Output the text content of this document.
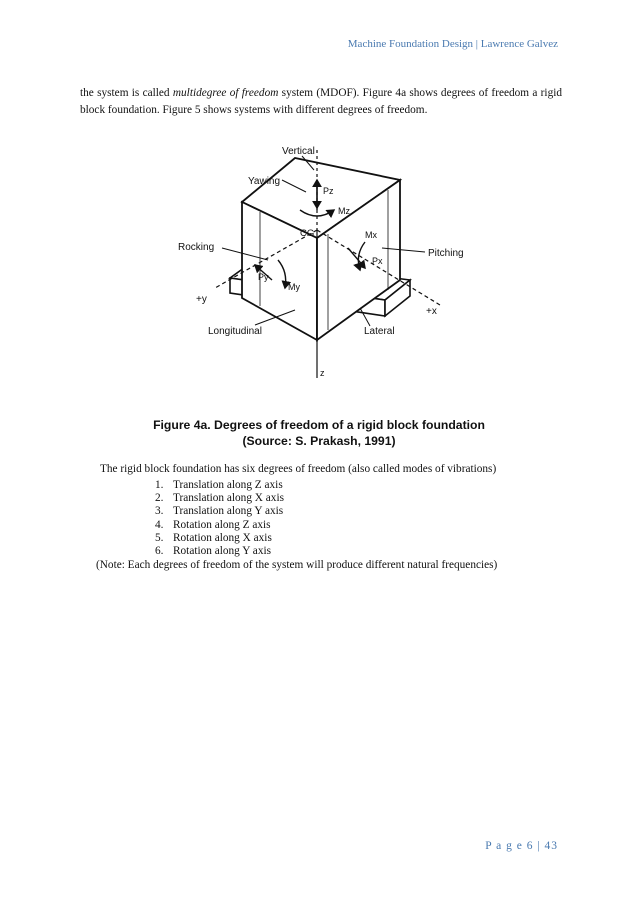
Machine Foundation Design | Lawrence Galvez

the system is called multidegree of freedom system (MDOF). Figure 4a shows degrees of freedom a rigid block foundation. Figure 5 shows systems with different degrees of freedom.

Vertical
Yawing
Pz
Mz
CG	Mx
Pitching
Px
Rocking
Py
My
+y
+x
Longitudinal	Lateral
z
Figure 4a. Degrees of freedom of a rigid block foundation
(Source: S. Prakash, 1991)
The rigid block foundation has six degrees of freedom (also called modes of vibrations)
1. Translation along Z axis
2. Translation along X axis
3. Translation along Y axis
4. Rotation along Z axis
5. Rotation along X axis
6. Rotation along Y axis
(Note: Each degrees of freedom of the system will produce different natural frequencies)
P a g e 6 | 43
